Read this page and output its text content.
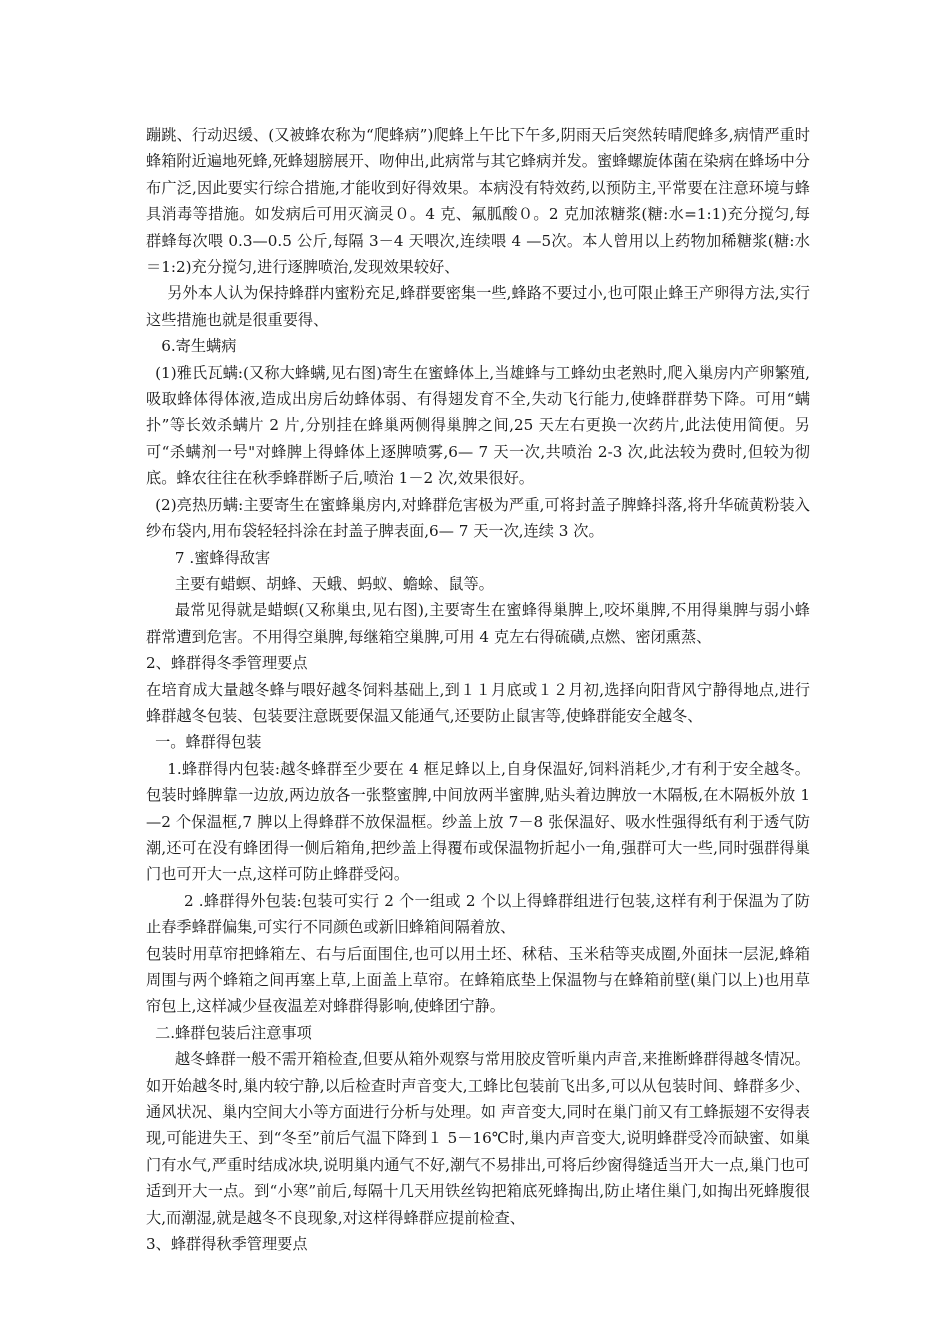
蹦跳、行动迟缓、(又被蜂农称为“爬蜂病”)爬蜂上午比下午多,阴雨天后突然转晴爬蜂多,病情严重时蜂箱附近遍地死蜂,死蜂翅膀展开、吻伸出,此病常与其它蜂病并发。蜜蜂螺旋体菌在染病在蜂场中分布广泛,因此要实行综合措施,才能收到好得效果。本病没有特效药,以预防主,平常要在注意环境与蜂具消毒等措施。如发病后可用灭滴灵０。4 克、氟胍酸０。2 克加浓糖浆(糖:水=1:1)充分搅匀,每群蜂每次喂 0.3—0.5 公斤,每隔 3－4 天喂次,连续喂 4 —5次。本人曾用以上药物加稀糖浆(糖:水＝1:2)充分搅匀,进行逐脾喷治,发现效果较好、

另外本人认为保持蜂群内蜜粉充足,蜂群要密集一些,蜂路不要过小,也可限止蜂王产卵得方法,实行这些措施也就是很重要得、

6.寄生螨病

(1)雅氏瓦螨:(又称大蜂螨,见右图)寄生在蜜蜂体上,当雄蜂与工蜂幼虫老熟时,爬入巢房内产卵繁殖,吸取蜂体得体液,造成出房后幼蜂体弱、有得翅发育不全,失动飞行能力,使蜂群群势下降。可用“螨扑”等长效杀螨片 2 片,分别挂在蜂巢两侧得巢脾之间,25 天左右更换一次药片,此法使用简便。另可“杀螨剂一号"对蜂脾上得蜂体上逐脾喷雾,6— 7 天一次,共喷治 2-3 次,此法较为费时,但较为彻底。蜂农往往在秋季蜂群断子后,喷治 1－2 次,效果很好。

(2)亮热历螨:主要寄生在蜜蜂巢房内,对蜂群危害极为严重,可将封盖子脾蜂抖落,将升华硫黄粉装入纱布袋内,用布袋轻轻抖涂在封盖子脾表面,6— 7 天一次,连续 3 次。

7 .蜜蜂得敌害

主要有蜡螟、胡蜂、天蛾、蚂蚁、蟾蜍、鼠等。

最常见得就是蜡螟(又称巢虫,见右图),主要寄生在蜜蜂得巢脾上,咬坏巢脾,不用得巢脾与弱小蜂群常遭到危害。不用得空巢脾,每继箱空巢脾,可用 4 克左右得硫磺,点燃、密闭熏蒸、

2、蜂群得冬季管理要点

在培育成大量越冬蜂与喂好越冬饲料基础上,到１１月底或１２月初,选择向阳背风宁静得地点,进行蜂群越冬包装、包装要注意既要保温又能通气,还要防止鼠害等,使蜂群能安全越冬、

一。蜂群得包装

1.蜂群得内包装:越冬蜂群至少要在 4 框足蜂以上,自身保温好,饲料消耗少,才有利于安全越冬。包装时蜂脾靠一边放,两边放各一张整蜜脾,中间放两半蜜脾,贴头着边脾放一木隔板,在木隔板外放 1—2 个保温框,7 脾以上得蜂群不放保温框。纱盖上放 7－8 张保温好、吸水性强得纸有利于透气防潮,还可在没有蜂团得一侧后箱角,把纱盖上得覆布或保温物折起小一角,强群可大一些,同时强群得巢门也可开大一点,这样可防止蜂群受闷。

2 .蜂群得外包装:包装可实行 2 个一组或 2 个以上得蜂群组进行包装,这样有利于保温为了防止春季蜂群偏集,可实行不同颜色或新旧蜂箱间隔着放、

包装时用草帘把蜂箱左、右与后面围住,也可以用土坯、秫秸、玉米秸等夹成圈,外面抹一层泥,蜂箱周围与两个蜂箱之间再塞上草,上面盖上草帘。在蜂箱底垫上保温物与在蜂箱前壁(巢门以上)也用草帘包上,这样减少昼夜温差对蜂群得影响,使蜂团宁静。

二.蜂群包装后注意事项

越冬蜂群一般不需开箱检查,但要从箱外观察与常用胶皮管听巢内声音,来推断蜂群得越冬情况。如开始越冬时,巢内较宁静,以后检查时声音变大,工蜂比包装前飞出多,可以从包装时间、蜂群多少、通风状况、巢内空间大小等方面进行分析与处理。如 声音变大,同时在巢门前又有工蜂振翅不安得表现,可能进失王、到“冬至”前后气温下降到１ 5－16℃时,巢内声音变大,说明蜂群受冷而缺蜜、如巢门有水气,严重时结成冰块,说明巢内通气不好,潮气不易排出,可将后纱窗得缝适当开大一点,巢门也可适到开大一点。到“小寒”前后,每隔十几天用铁丝钩把箱底死蜂掏出,防止堵住巢门,如掏出死蜂腹很大,而潮湿,就是越冬不良现象,对这样得蜂群应提前检查、

3、蜂群得秋季管理要点
